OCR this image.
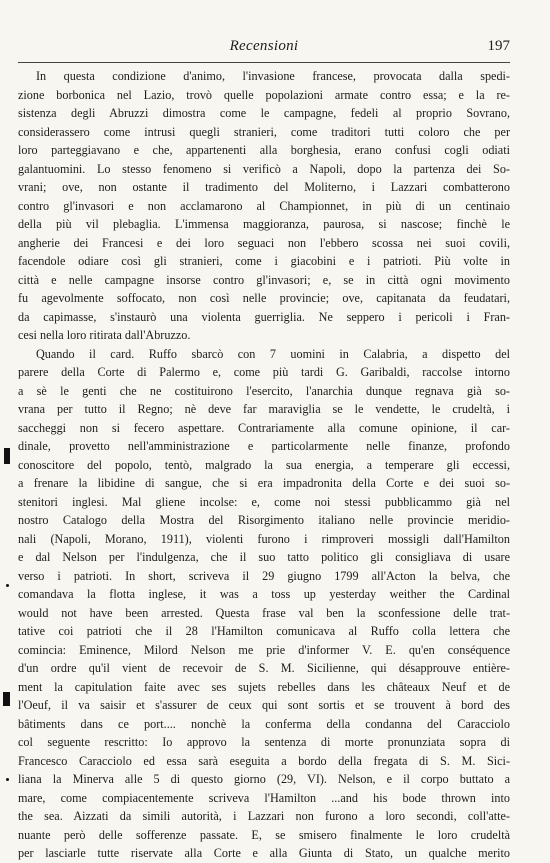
Recensioni	197
In questa condizione d'animo, l'invasione francese, provocata dalla spedi-
zione borbonica nel Lazio, trovò quelle popolazioni armate contro essa; e la re-
sistenza degli Abruzzi dimostra come le campagne, fedeli al proprio Sovrano,
considerassero come intrusi quegli stranieri, come traditori tutti coloro che per
loro parteggiavano e che, appartenenti alla borghesia, erano confusi cogli odiati
galantuomini. Lo stesso fenomeno si verificò a Napoli, dopo la partenza dei So-
vrani; ove, non ostante il tradimento del Moliterno, i Lazzari combatterono
contro gl'invasori e non acclamarono al Championnet, in più di un centinaio
della più vil plebaglia. L'immensa maggioranza, paurosa, si nascose; finchè le
angherie dei Francesi e dei loro seguaci non l'ebbero scossa nei suoi covili,
facendole odiare così gli stranieri, come i giacobini e i patrioti. Più volte in
città e nelle campagne insorse contro gl'invasori; e, se in città ogni movimento
fu agevolmente soffocato, non così nelle provincie; ove, capitanata da feudatari,
da capimasse, s'instaurò una violenta guerriglia. Ne seppero i pericoli i Fran-
cesi nella loro ritirata dall'Abruzzo.
Quando il card. Ruffo sbarcò con 7 uomini in Calabria, a dispetto del
parere della Corte di Palermo e, come più tardi G. Garibaldi, raccolse intorno
a sè le genti che ne costituirono l'esercito, l'anarchia dunque regnava già so-
vrana per tutto il Regno; nè deve far maraviglia se le vendette, le crudeltà, i
saccheggi non si fecero aspettare. Contrariamente alla comune opinione, il car-
dinale, provetto nell'amministrazione e particolarmente nelle finanze, profondo
conoscitore del popolo, tentò, malgrado la sua energia, a temperare gli eccessi,
a frenare la libidine di sangue, che si era impadronita della Corte e dei suoi so-
stenitori inglesi. Mal gliene incolse: e, come noi stessi pubblicammo già nel
nostro Catalogo della Mostra del Risorgimento italiano nelle provincie meridio-
nali (Napoli, Morano, 1911), violenti furono i rimproveri mossigli dall'Hamilton
e dal Nelson per l'indulgenza, che il suo tatto politico gli consigliava di usare
verso i patrioti. In short, scriveva il 29 giugno 1799 all'Acton la belva, che
comandava la flotta inglese, it was a toss up yesterday weither the Cardinal
would not have been arrested. Questa frase val ben la sconfessione delle trat-
tative coi patrioti che il 28 l'Hamilton comunicava al Ruffo colla lettera che
comincia: Eminence, Milord Nelson me prie d'informer V. E. qu'en conséquence
d'un ordre qu'il vient de recevoir de S. M. Sicilienne, qui désapprouve entière-
ment la capitulation faite avec ses sujets rebelles dans les châteaux Neuf et de
l'Oeuf, il va saisir et s'assurer de ceux qui sont sortis et se trouvent à bord des
bâtiments dans ce port.... nonchè la conferma della condanna del Caracciolo
col seguente rescritto: Io approvo la sentenza di morte pronunziata sopra di
Francesco Caracciolo ed essa sarà eseguita a bordo della fregata di S. M. Sici-
liana la Minerva alle 5 di questo giorno (29, VI). Nelson, e il corpo buttato a
mare, come compiacentemente scriveva l'Hamilton ...and his bode thrown into
the sea. Aizzati da simili autorità, i Lazzari non furono a loro secondi, coll'atte-
nuante però delle sofferenze passate. E, se smisero finalmente le loro crudeltà
per lasciarle tutte riservate alla Corte e alla Giunta di Stato, un qualche merito
